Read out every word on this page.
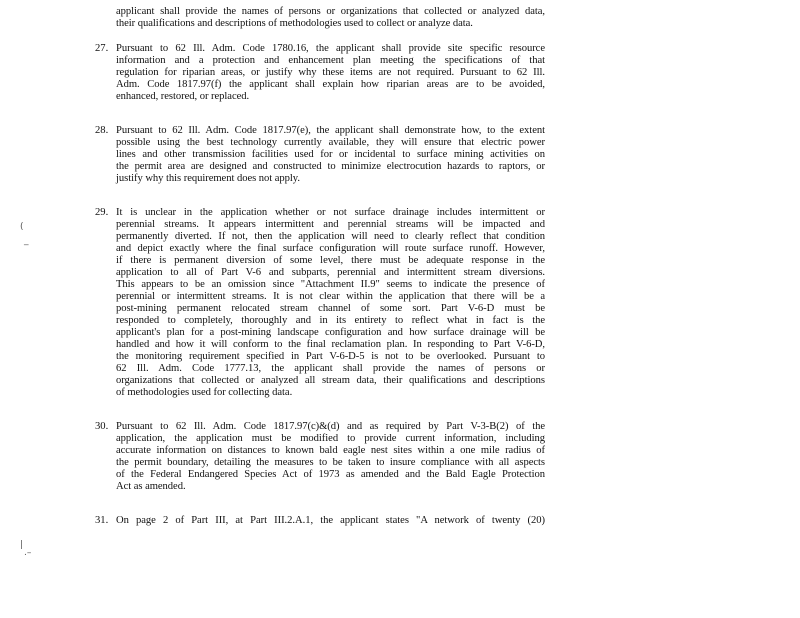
(
_
|
.–
applicant shall provide the names of persons or organizations that collected or analyzed data,
their qualifications and descriptions of methodologies used to collect or analyze data.
27. Pursuant to 62 Ill. Adm. Code 1780.16, the applicant shall provide site specific resource
information and a protection and enhancement plan meeting the specifications of that
regulation for riparian areas, or justify why these items are not required. Pursuant to 62 Ill.
Adm. Code 1817.97(f) the applicant shall explain how riparian areas are to be avoided,
enhanced, restored, or replaced.
28. Pursuant to 62 Ill. Adm. Code 1817.97(e), the applicant shall demonstrate how, to the extent
possible using the best technology currently available, they will ensure that electric power
lines and other transmission facilities used for or incidental to surface mining activities on
the permit area are designed and constructed to minimize electrocution hazards to raptors, or
justify why this requirement does not apply.
29. It is unclear in the application whether or not surface drainage includes intermittent or
perennial streams. It appears intermittent and perennial streams will be impacted and
permanently diverted. If not, then the application will need to clearly reflect that condition
and depict exactly where the final surface configuration will route surface runoff. However,
if there is permanent diversion of some level, there must be adequate response in the
application to all of Part V-6 and subparts, perennial and intermittent stream diversions.
This appears to be an omission since "Attachment II.9" seems to indicate the presence of
perennial or intermittent streams. It is not clear within the application that there will be a
post-mining permanent relocated stream channel of some sort. Part V-6-D must be
responded to completely, thoroughly and in its entirety to reflect what in fact is the
applicant's plan for a post-mining landscape configuration and how surface drainage will be
handled and how it will conform to the final reclamation plan. In responding to Part V-6-D,
the monitoring requirement specified in Part V-6-D-5 is not to be overlooked. Pursuant to
62 Ill. Adm. Code 1777.13, the applicant shall provide the names of persons or
organizations that collected or analyzed all stream data, their qualifications and descriptions
of methodologies used for collecting data.
30. Pursuant to 62 Ill. Adm. Code 1817.97(c)&(d) and as required by Part V-3-B(2) of the
application, the application must be modified to provide current information, including
accurate information on distances to known bald eagle nest sites within a one mile radius of
the permit boundary, detailing the measures to be taken to insure compliance with all aspects
of the Federal Endangered Species Act of 1973 as amended and the Bald Eagle Protection
Act as amended.
31. On page 2 of Part III, at Part III.2.A.1, the applicant states "A network of twenty (20)
